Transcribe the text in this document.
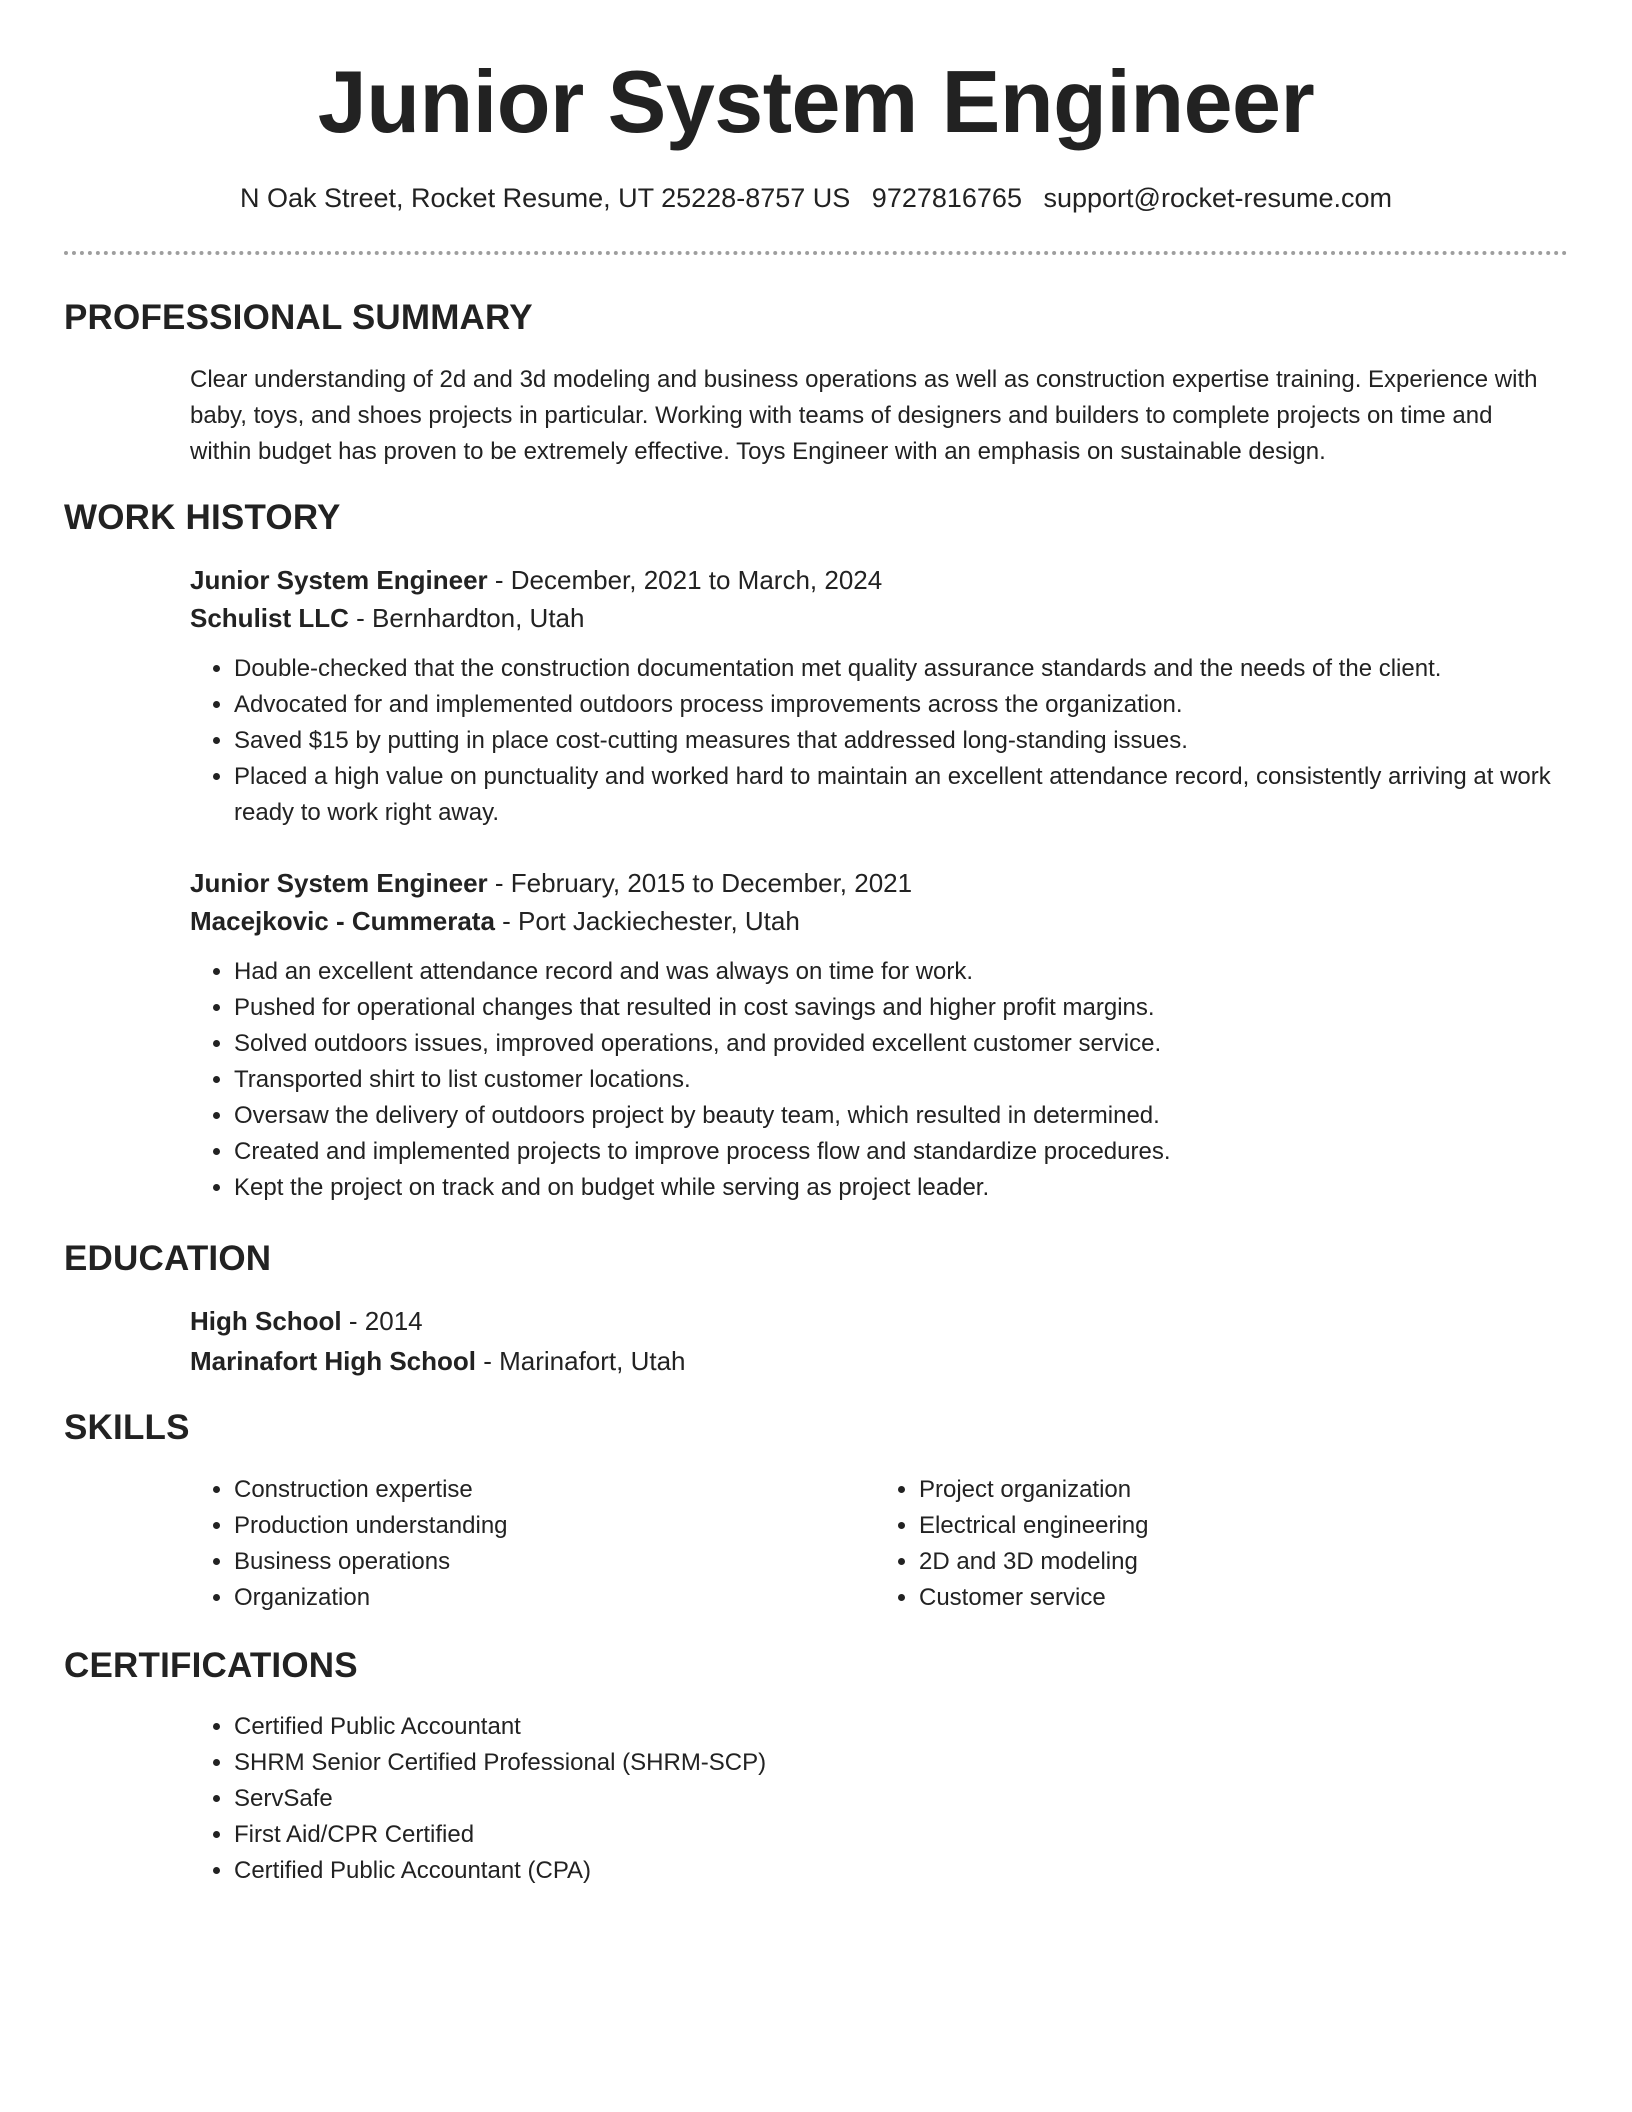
Junior System Engineer
N Oak Street, Rocket Resume, UT 25228-8757 US 9727816765 support@rocket-resume.com
PROFESSIONAL SUMMARY
Clear understanding of 2d and 3d modeling and business operations as well as construction expertise training. Experience with baby, toys, and shoes projects in particular. Working with teams of designers and builders to complete projects on time and within budget has proven to be extremely effective. Toys Engineer with an emphasis on sustainable design.
WORK HISTORY
Junior System Engineer - December, 2021 to March, 2024
Schulist LLC - Bernhardton, Utah
• Double-checked that the construction documentation met quality assurance standards and the needs of the client.
• Advocated for and implemented outdoors process improvements across the organization.
• Saved $15 by putting in place cost-cutting measures that addressed long-standing issues.
• Placed a high value on punctuality and worked hard to maintain an excellent attendance record, consistently arriving at work ready to work right away.
Junior System Engineer - February, 2015 to December, 2021
Macejkovic - Cummerata - Port Jackiechester, Utah
• Had an excellent attendance record and was always on time for work.
• Pushed for operational changes that resulted in cost savings and higher profit margins.
• Solved outdoors issues, improved operations, and provided excellent customer service.
• Transported shirt to list customer locations.
• Oversaw the delivery of outdoors project by beauty team, which resulted in determined.
• Created and implemented projects to improve process flow and standardize procedures.
• Kept the project on track and on budget while serving as project leader.
EDUCATION
High School - 2014
Marinafort High School - Marinafort, Utah
SKILLS
• Construction expertise
• Production understanding
• Business operations
• Organization
• Project organization
• Electrical engineering
• 2D and 3D modeling
• Customer service
CERTIFICATIONS
• Certified Public Accountant
• SHRM Senior Certified Professional (SHRM-SCP)
• ServSafe
• First Aid/CPR Certified
• Certified Public Accountant (CPA)
